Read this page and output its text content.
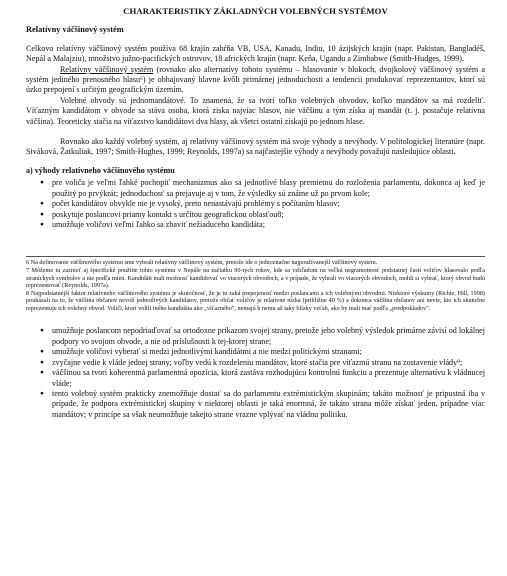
CHARAKTERISTIKY ZÁKLADNÝCH VOLEBNÝCH SYSTÉMOV
Relatívny väčšinový systém

Celkovo relatívny väčšinový systém používa 68 krajín zahŕňa VB, USA, Kanadu, Indiu, 10 ázijských krajín (napr. Pakistan, Bangladéš, Nepál a Malajziu), množstvo južno-pacifických ostrovov, 18 afrických krajín (napr. Keňa, Ugandu a Zimbabwe (Smith-Hudges, 1999).

Relatívny väčšinový systém (rovnako ako alternatívy tohoto systému – hlasovanie v blokoch, dvojkolový väčšinový systém a systém jediného prenosného hlasu⁶) je obhajovaný hlavne kvôli primárnej jednoduchosti a tendencii produkovať reprezentantov, ktorí sú úzko prepojení s určitým geografickým územím.

Volebné obvody sú jednomandátové. To znamená, že sa tvorí toľko volebných obvodov, koľko mandátov sa má rozdeliť. Víťazným kandidátom v obvode sa stáva osoba, ktorá ziska najviac hlasov, nie väčšinu a tým získa aj mandát (t. j. postačuje relatívna väčšina). Teoreticky stačia na víťazstvo kandidátovi dva hlasy, ak všetci ostatní získajú po jednom hlase.

Rovnako ako každý volebný systém, aj relatívny väčšinový systém má svoje výhody a nevýhody. V politologickej literatúre (napr. Siváková, Žatkuliak, 1997; Smith-Hughes, 1999; Reynolds, 1997a) sa najčastejšie výhody a nevýhody považujú nasledujúce oblasti.

a) výhody relatívneho väčšinového systému
● pre voliča je veľmi ľahké pochopiť mechanizmus ako sa jednotlivé hlasy premietnu do rozloženia parlamentu, dokonca aj keď je použitý po prvýkrát; jednoduchosť sa prejavuje aj v tom, že výsledky sú známe už po prvom kole;
● počet kandidátov obvykle nie je vysoký, preto nenastávajú problémy s počítaním hlasov;
● poskytuje poslancovi priamy kontakt s určitou geografickou oblasťou8;
● umožňuje voličovi veľmi ľahko sa zbaviť nežiaduceho kandidáta;

6 Na definovanie väčšinového systému sme vybrali relatívny väčšinový systém, pretože ide o jednoznačne najpoužívanejší väčšinový systém.

7 Môžeme tu zaznieť aj špecifické použitie tohto systému v Nepále na začiatku 90-tych rokov, kde sa vzhľadom na veľkú negramotnosť podstatnej časti voličov hlasovalo podľa straníckych symbolov a nie podľa mien. Kandidáti mali možnosť kandidovať vo viacerých obvodoch, a v prípade, že vyhrali vo viacerých obvodoch, mohli si vybrať, ktorý obvod budú reprezentovať (Reynolds, 1997a).

8 Najpodstatnejší faktor relatívneho väčšinového systému je skutočnosť, že je tu zaká prepojenosť medzi poslancami a ich volebnými obvodmi. Niektoré výskumy (Richie, Hill, 1998) poukázali na to, že väčšina občanov nevolí jednotlivých kandidátov, pretože občať voličov je relatívne nízka (približne 40 %) a dokonca väčšina občanov ani nevie, kto ich skutočne reprezentuje ich volebný obvod. Voliči, ktorí volili iného kandidáta ako „víťazného", nemajú k nemu až taký blízky vzťah, ako by mali mať podľa „predpokladov".

● umožňuje poslancom nepodriaďovať sa ortodoxne prikazom svojej strany, pretože jeho volebný výsledok primárne závisí od lokálnej podpory vo svojom obvode, a nie od príslušnosti k tej-ktorej strane;
● umožňuje voličovi vyberať si medzi jednotlivými kandidátmi a nie medzi politickými stranami;
● zvyčajne vedie k vláde jednej strany; voľby vedú k rozdeleniu mandátov, ktoré stačia pre víťazmú stranu na zostavenie vlády⁹;
● väčšinou sa tvorí koherentná parlamentná opozícia, ktorá zastáva rozhodujúcu kontrolnú funkciu a prezentuje alternatívu k vládnucej vláde;
● tento volebný systém prakticky znemožňuje dostať sa do parlamentu extrémistickým skupinám; takáto možnosť je pripustná iba v prípade, že podpora extrémistickej skupiny v niektorej oblasti je taká enormná, že takáto strana môže získať jeden, prípadne viac mandátov; v princípe sa však neumožňuje takejto strane vrazne vplývať na vládnu politiku.
